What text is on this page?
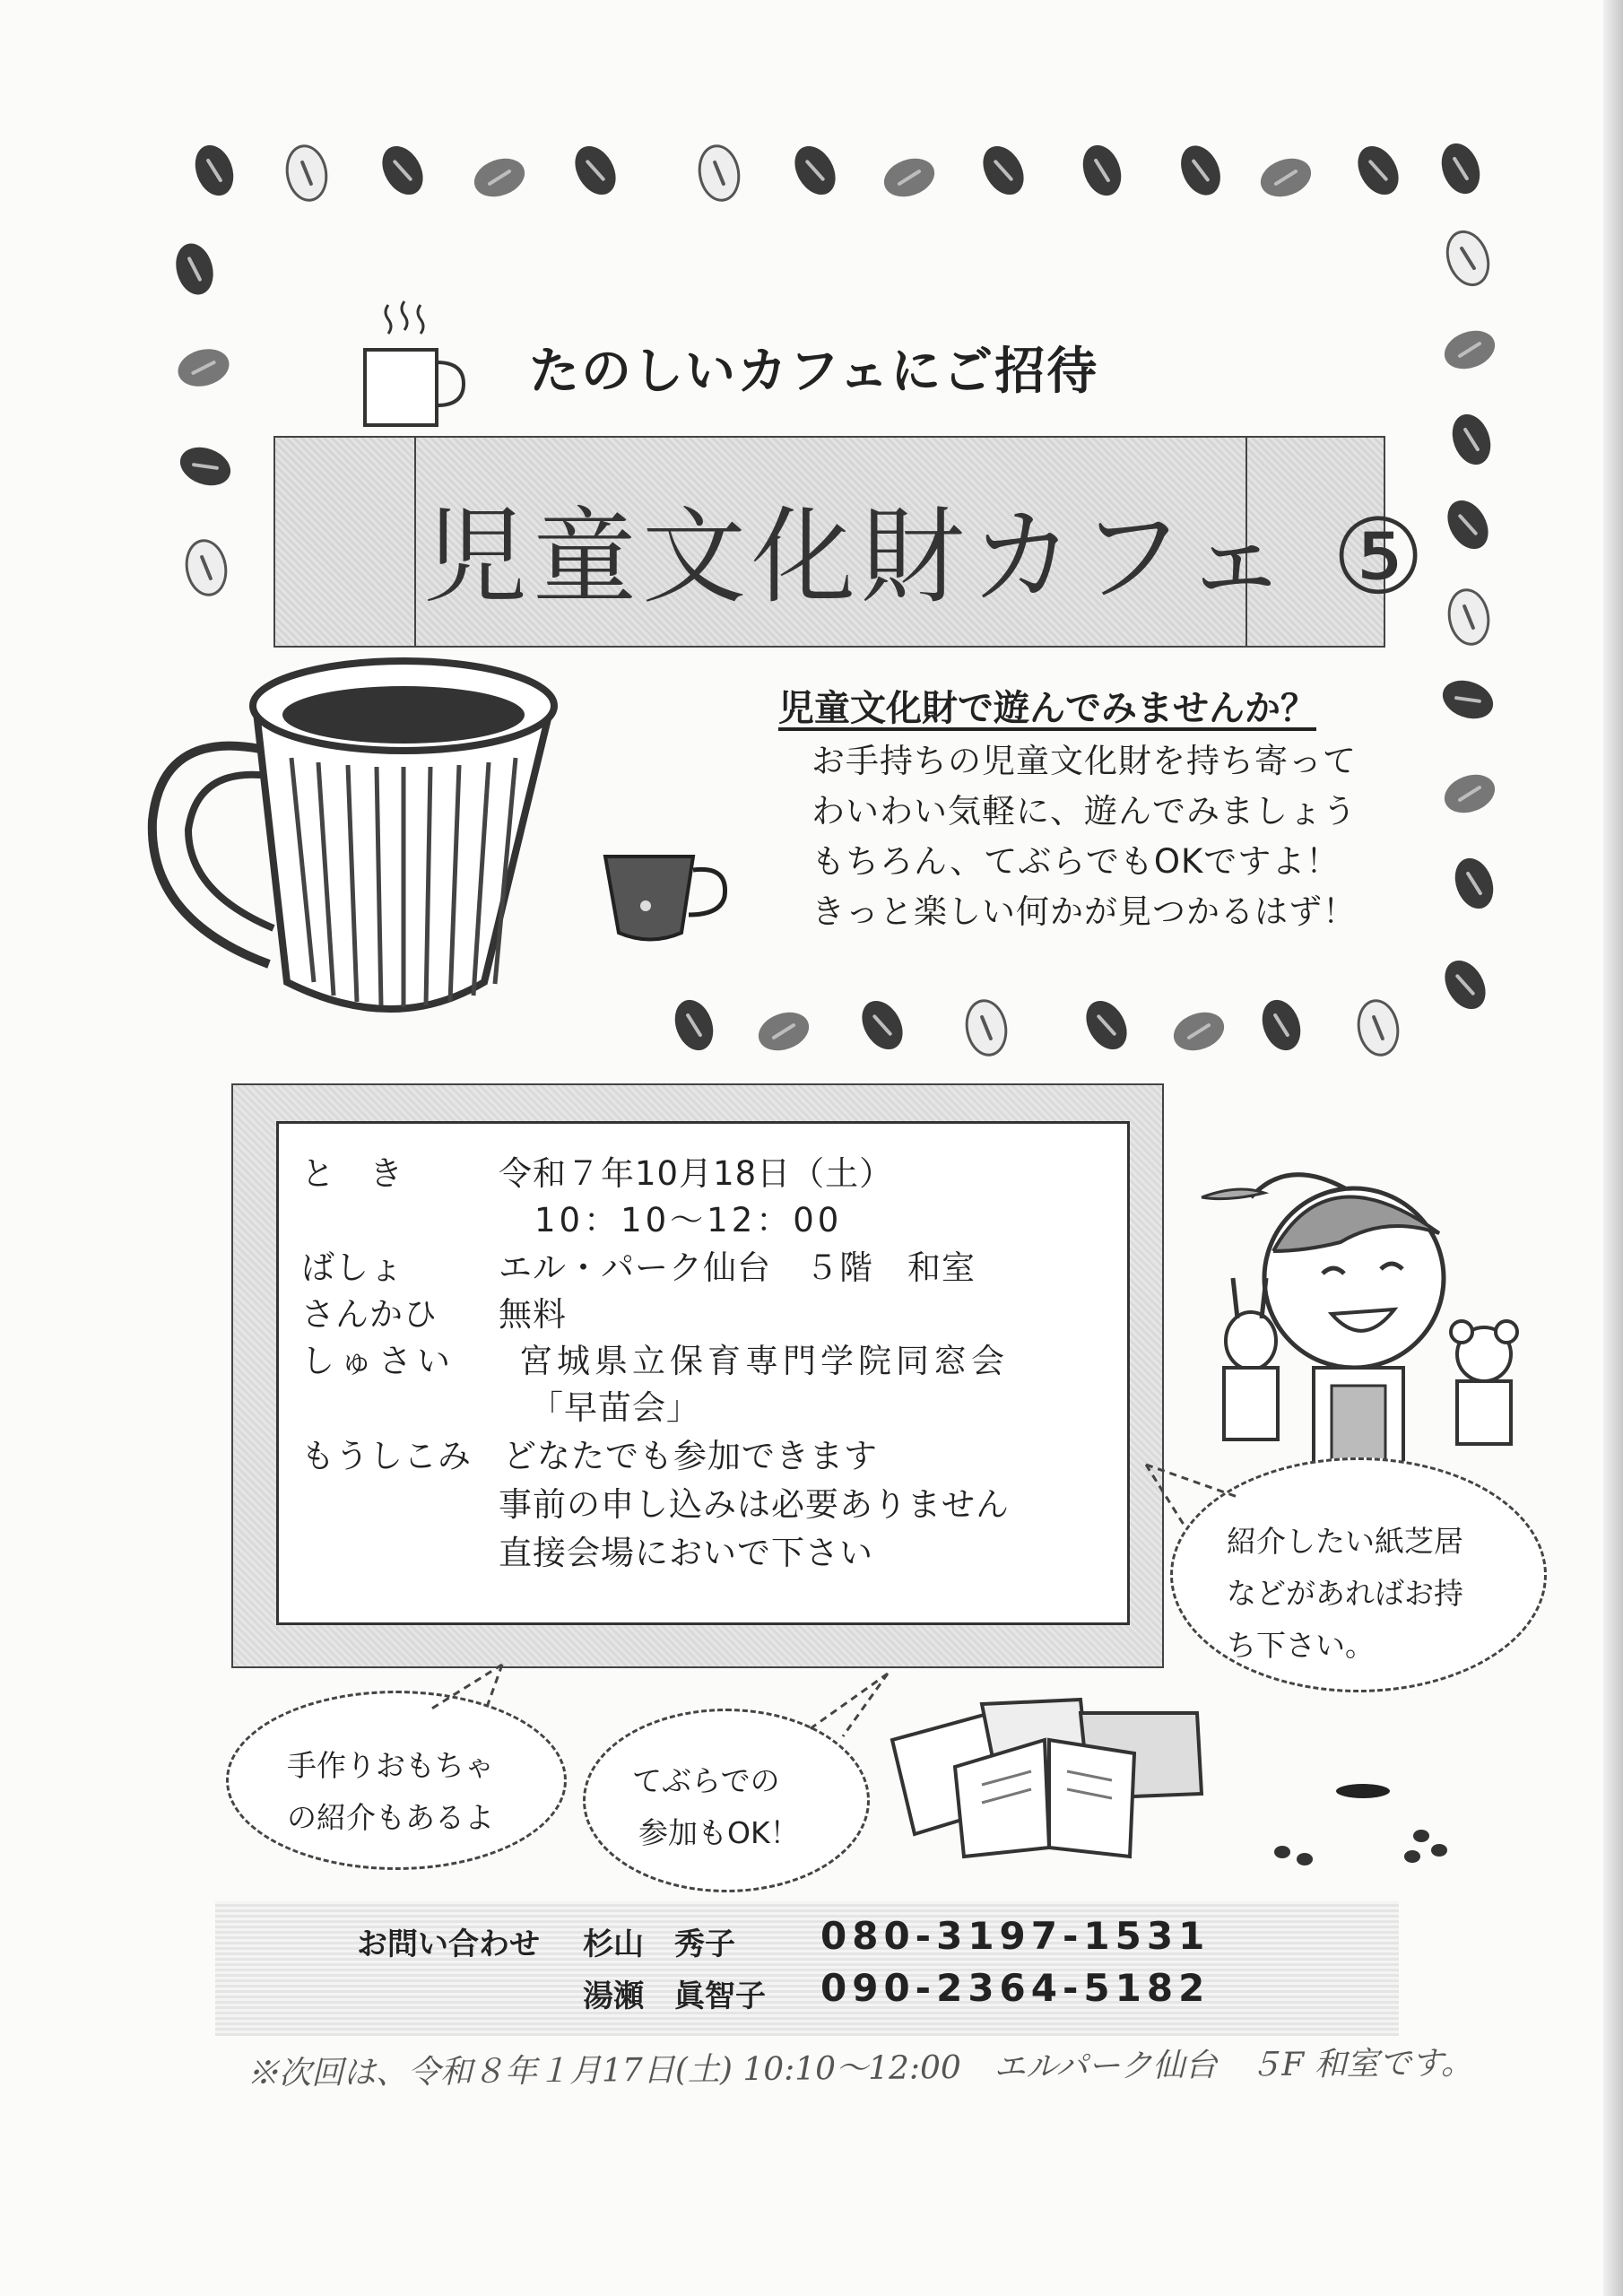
たのしいカフェにご招待
児童文化財カフェ ⑤
児童文化財で遊んでみませんか？
お手持ちの児童文化財を持ち寄って
わいわい気軽に、遊んでみましょう
もちろん、てぶらでもOKですよ！
きっと楽しい何かが見つかるはず！
と　き	令和７年10月18日（土）
10：10～12：00
ばしょ	エル・パーク仙台　５階　和室
さんかひ 無料
しゅさい 宮城県立保育専門学院同窓会
「早苗会」
もうしこみ どなたでも参加できます
事前の申し込みは必要ありません
直接会場においで下さい	紹介したい紙芝居
などがあればお持
ち下さい。
手作りおもちゃ
の紹介もあるよ
てぶらでの
参加もOK！
お問い合わせ 杉山　秀子 080-3197-1531
湯瀬　眞智子 090-2364-5182
※次回は、令和８年１月17日(土) 10:10～12:00　エルパーク仙台　５F 和室です。
